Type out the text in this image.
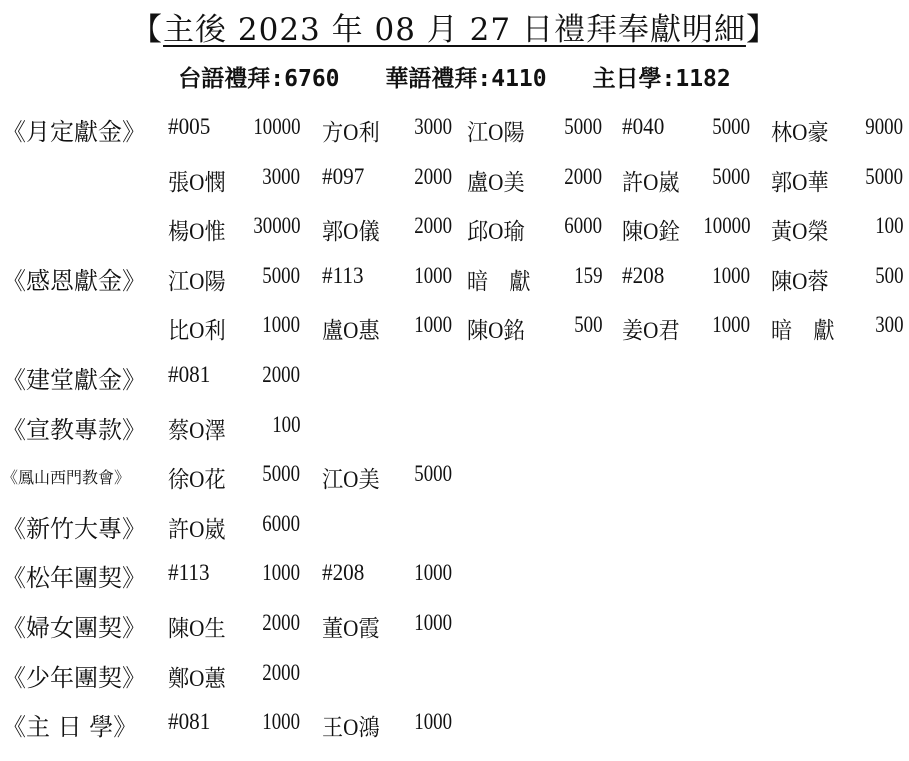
【主後 2023 年 08 月 27 日禮拜奉獻明細】
台語禮拜:6760 華語禮拜:4110 主日學:1182
《月定獻金》 #005 10000 方O利 3000 江O陽 5000 #040 5000 林O豪 9000
張O憫 3000 #097 2000 盧O美 2000 許O崴 5000 郭O華 5000
楊O惟 30000 郭O儀 2000 邱O瑜 6000 陳O銓 10000 黃O榮 100
《感恩獻金》 江O陽 5000 #113 1000 暗　獻 159 #208 1000 陳O蓉 500
比O利 1000 盧O惠 1000 陳O銘 500 姜O君 1000 暗　獻 300
《建堂獻金》 #081 2000
《宣教專款》 蔡O澤 100
《鳳山西門教會》 徐O花 5000 江O美 5000
《新竹大專》 許O崴 6000
《松年團契》 #113 1000 #208 1000
《婦女團契》 陳O生 2000 董O霞 1000
《少年團契》 鄭O蕙 2000
《主 日 學》 #081 1000 王O鴻 1000
